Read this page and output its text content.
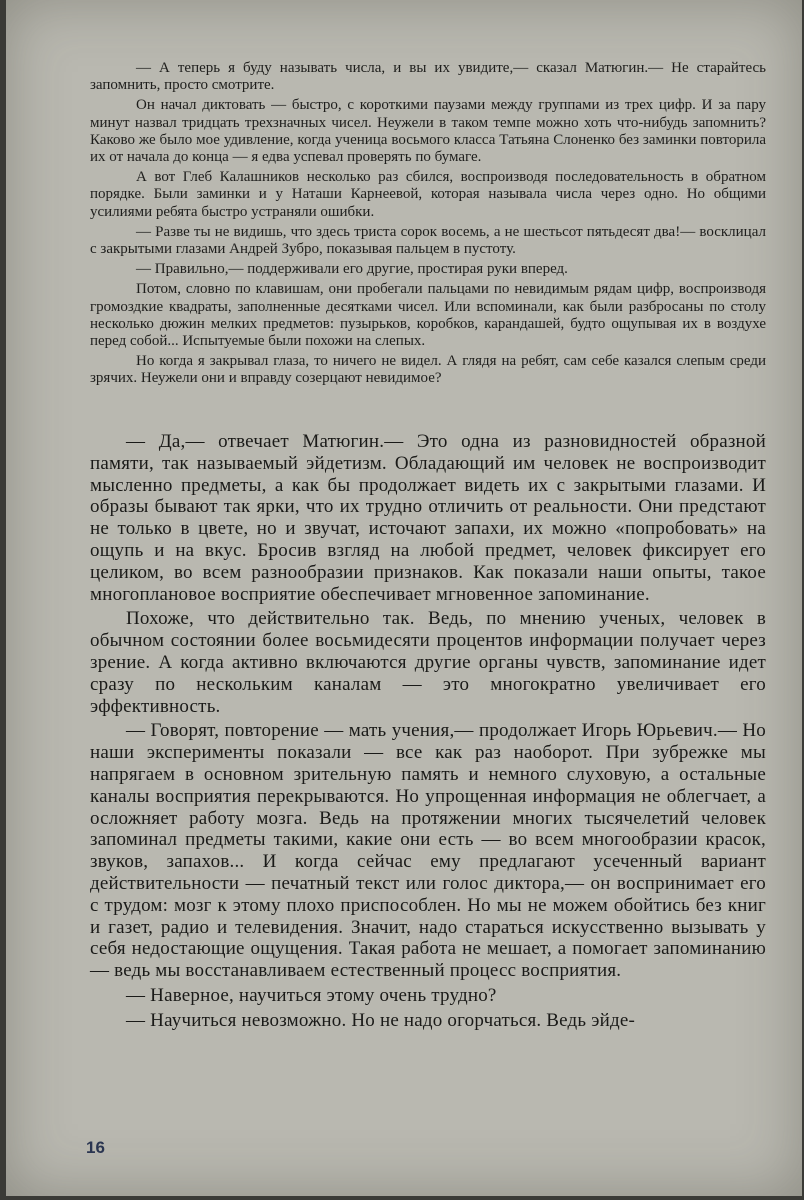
— А теперь я буду называть числа, и вы их увидите,— сказал Матюгин.— Не старайтесь запомнить, просто смотрите.

Он начал диктовать — быстро, с короткими паузами между группами из трех цифр. И за пару минут назвал тридцать трехзначных чисел. Неужели в таком темпе можно хоть что-нибудь запомнить? Каково же было мое удивление, когда ученица восьмого класса Татьяна Слоненко без заминки повторила их от начала до конца — я едва успевал проверять по бумаге.

А вот Глеб Калашников несколько раз сбился, воспроизводя последовательность в обратном порядке. Были заминки и у Наташи Карнеевой, которая называла числа через одно. Но общими усилиями ребята быстро устраняли ошибки.

— Разве ты не видишь, что здесь триста сорок восемь, а не шестьсот пятьдесят два!— восклицал с закрытыми глазами Андрей Зубро, показывая пальцем в пустоту.

— Правильно,— поддерживали его другие, простирая руки вперед.

Потом, словно по клавишам, они пробегали пальцами по невидимым рядам цифр, воспроизводя громоздкие квадраты, заполненные десятками чисел. Или вспоминали, как были разбросаны по столу несколько дюжин мелких предметов: пузырьков, коробков, карандашей, будто ощупывая их в воздухе перед собой... Испытуемые были похожи на слепых.

Но когда я закрывал глаза, то ничего не видел. А глядя на ребят, сам себе казался слепым среди зрячих. Неужели они и вправду созерцают невидимое?

— Да,— отвечает Матюгин.— Это одна из разновидностей образной памяти, так называемый эйдетизм. Обладающий им человек не воспроизводит мысленно предметы, а как бы продолжает видеть их с закрытыми глазами. И образы бывают так ярки, что их трудно отличить от реальности. Они предстают не только в цвете, но и звучат, источают запахи, их можно «попробовать» на ощупь и на вкус. Бросив взгляд на любой предмет, человек фиксирует его целиком, во всем разнообразии признаков. Как показали наши опыты, такое многоплановое восприятие обеспечивает мгновенное запоминание.

Похоже, что действительно так. Ведь, по мнению ученых, человек в обычном состоянии более восьмидесяти процентов информации получает через зрение. А когда активно включаются другие органы чувств, запоминание идет сразу по нескольким каналам — это многократно увеличивает его эффективность.

— Говорят, повторение — мать учения,— продолжает Игорь Юрьевич.— Но наши эксперименты показали — все как раз наоборот. При зубрежке мы напрягаем в основном зрительную память и немного слуховую, а остальные каналы восприятия перекрываются. Но упрощенная информация не облегчает, а осложняет работу мозга. Ведь на протяжении многих тысячелетий человек запоминал предметы такими, какие они есть — во всем многообразии красок, звуков, запахов... И когда сейчас ему предлагают усеченный вариант действительности — печатный текст или голос диктора,— он воспринимает его с трудом: мозг к этому плохо приспособлен. Но мы не можем обойтись без книг и газет, радио и телевидения. Значит, надо стараться искусственно вызывать у себя недостающие ощущения. Такая работа не мешает, а помогает запоминанию — ведь мы восстанавливаем естественный процесс восприятия.

— Наверное, научиться этому очень трудно?

— Научиться невозможно. Но не надо огорчаться. Ведь эйде-

16
